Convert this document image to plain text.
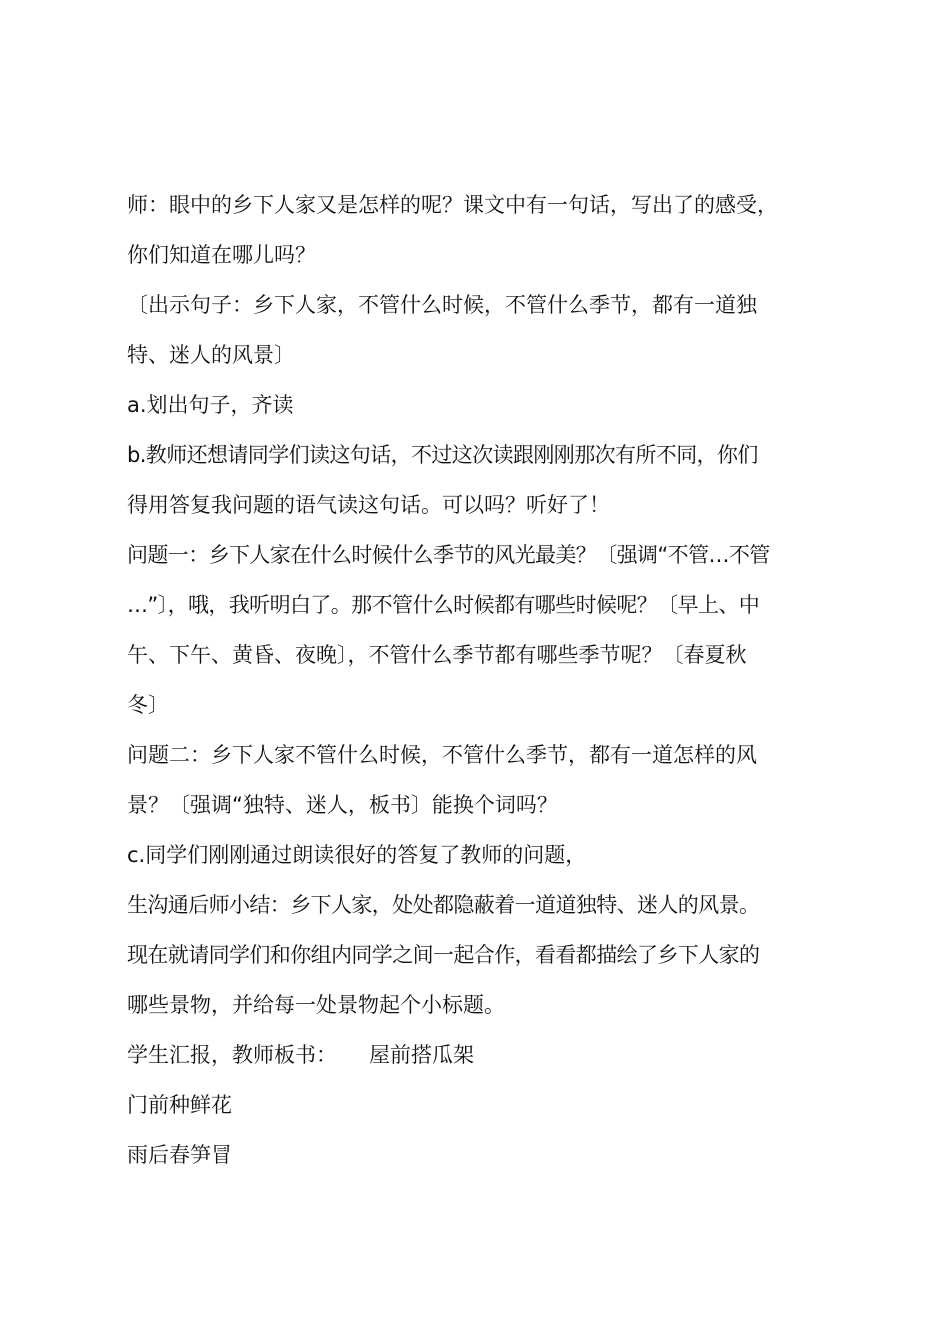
师：眼中的乡下人家又是怎样的呢？课文中有一句话，写出了的感受，
你们知道在哪儿吗？
〔出示句子：乡下人家，不管什么时候，不管什么季节，都有一道独
特、迷人的风景〕
a.划出句子，齐读
b.教师还想请同学们读这句话，不过这次读跟刚刚那次有所不同，你们
得用答复我问题的语气读这句话。可以吗？听好了！
问题一：乡下人家在什么时候什么季节的风光最美？〔强调“不管…不管
…”〕，哦，我听明白了。那不管什么时候都有哪些时候呢？〔早上、中
午、下午、黄昏、夜晚〕，不管什么季节都有哪些季节呢？〔春夏秋
冬〕
问题二：乡下人家不管什么时候，不管什么季节，都有一道怎样的风
景？〔强调“独特、迷人，板书〕能换个词吗？
c.同学们刚刚通过朗读很好的答复了教师的问题，
生沟通后师小结：乡下人家，处处都隐蔽着一道道独特、迷人的风景。
现在就请同学们和你组内同学之间一起合作，看看都描绘了乡下人家的
哪些景物，并给每一处景物起个小标题。
学生汇报，教师板书： 屋前搭瓜架
门前种鲜花
雨后春笋冒
